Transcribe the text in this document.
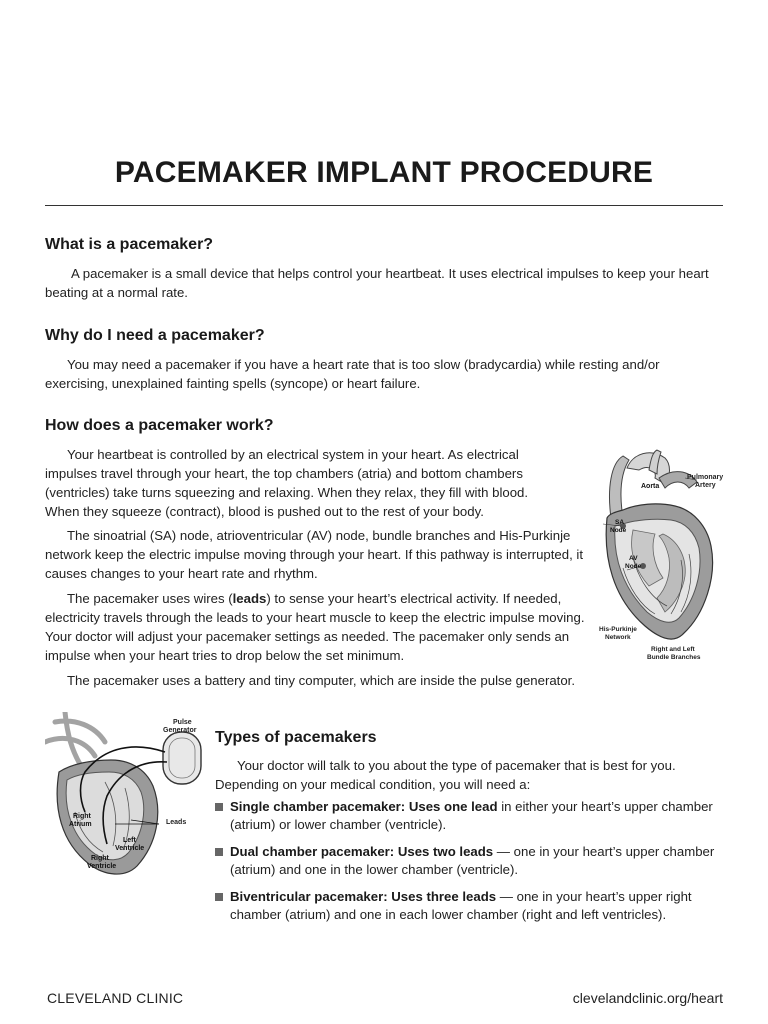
PACEMAKER IMPLANT PROCEDURE
What is a pacemaker?

A pacemaker is a small device that helps control your heartbeat. It uses electrical impulses to keep your heart beating at a normal rate.

Why do I need a pacemaker?

You may need a pacemaker if you have a heart rate that is too slow (bradycardia) while resting and/or exercising, unexplained fainting spells (syncope) or heart failure.

How does a pacemaker work?

Your heartbeat is controlled by an electrical system in your heart. As electrical impulses travel through your heart, the top chambers (atria) and bottom chambers (ventricles) take turns squeezing and relaxing. When they relax, they fill with blood. When they squeeze (contract), blood is pushed out to the rest of your body.

The sinoatrial (SA) node, atrioventricular (AV) node, bundle branches and His-Purkinje network keep the electric impulse moving through your heart. If this pathway is interrupted, it causes changes to your heart rate and rhythm.

The pacemaker uses wires (leads) to sense your heart’s electrical activity. If needed, electricity travels through the leads to your heart muscle to keep the electric impulse moving. Your doctor will adjust your pacemaker settings as needed. The pacemaker only sends an impulse when your heart tries to drop below the set minimum.

The pacemaker uses a battery and tiny computer, which are inside the pulse generator.

Pulmonary
Artery
Aorta
SA
Node
AV
Node
His-Purkinje
Network
Right and Left
Bundle Branches
Pulse
Generator
Leads
Right
Atrium
Left
Ventricle
Right
Ventricle
Types of pacemakers

Your doctor will talk to you about the type of pacemaker that is best for you. Depending on your medical condition, you will need a:

Single chamber pacemaker: Uses one lead in either your heart’s upper chamber (atrium) or lower chamber (ventricle).
Dual chamber pacemaker: Uses two leads — one in your heart’s upper chamber (atrium) and one in the lower chamber (ventricle).
Biventricular pacemaker: Uses three leads — one in your heart’s upper right chamber (atrium) and one in each lower chamber (right and left ventricles).
CLEVELAND CLINIC	clevelandclinic.org/heart
